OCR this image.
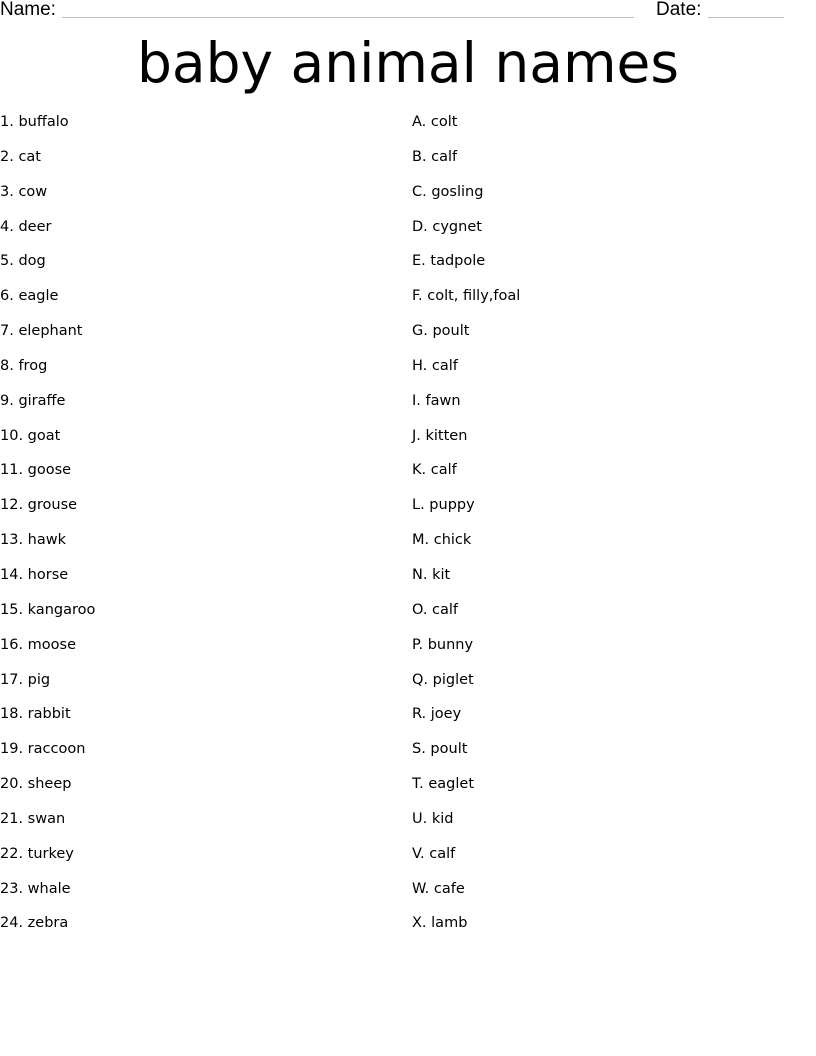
Name:	Date:
baby animal names
1. buffalo
2. cat
3. cow
4. deer
5. dog
6. eagle
7. elephant
8. frog
9. giraffe
10. goat
11. goose
12. grouse
13. hawk
14. horse
15. kangaroo
16. moose
17. pig
18. rabbit
19. raccoon
20. sheep
21. swan
22. turkey
23. whale
24. zebra
A. colt
B. calf
C. gosling
D. cygnet
E. tadpole
F. colt, filly,foal
G. poult
H. calf
I. fawn
J. kitten
K. calf
L. puppy
M. chick
N. kit
O. calf
P. bunny
Q. piglet
R. joey
S. poult
T. eaglet
U. kid
V. calf
W. cafe
X. lamb
